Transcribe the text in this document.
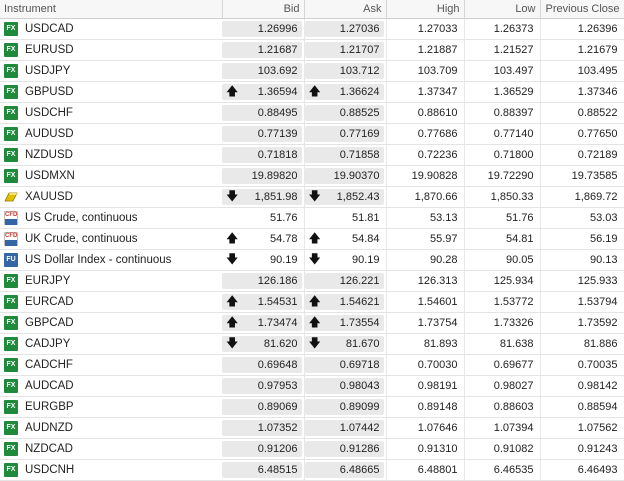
Instrument	Bid	Ask	High	Low	Previous Close
FX USDCAD	1.26996	1.27036	1.27033	1.26373	1.26396
FX EURUSD	1.21687	1.21707	1.21887	1.21527	1.21679
FX USDJPY	103.692	103.712	103.709	103.497	103.495
FX GBPUSD	🡅 1.36594	🡅 1.36624	1.37347	1.36529	1.37346
FX USDCHF	0.88495	0.88525	0.88610	0.88397	0.88522
FX AUDUSD	0.77139	0.77169	0.77686	0.77140	0.77650
FX NZDUSD	0.71818	0.71858	0.72236	0.71800	0.72189
FX USDMXN	19.89820	19.90370	19.90828	19.72290	19.73585
XAUUSD	🡇 1,851.98	🡇 1,852.43	1,870.66	1,850.33	1,869.72
CFD US Crude, continuous	51.76	51.81	53.13	51.76	53.03
CFD UK Crude, continuous	🡅 54.78	🡅 54.84	55.97	54.81	56.19
FU US Dollar Index - continuous	🡇 90.19	🡇 90.19	90.28	90.05	90.13
FX EURJPY	126.186	126.221	126.313	125.934	125.933
FX EURCAD	🡅 1.54531	🡅 1.54621	1.54601	1.53772	1.53794
FX GBPCAD	🡅 1.73474	🡅 1.73554	1.73754	1.73326	1.73592
FX CADJPY	🡇 81.620	🡇 81.670	81.893	81.638	81.886
FX CADCHF	0.69648	0.69718	0.70030	0.69677	0.70035
FX AUDCAD	0.97953	0.98043	0.98191	0.98027	0.98142
FX EURGBP	0.89069	0.89099	0.89148	0.88603	0.88594
FX AUDNZD	1.07352	1.07442	1.07646	1.07394	1.07562
FX NZDCAD	0.91206	0.91286	0.91310	0.91082	0.91243
FX USDCNH	6.48515	6.48665	6.48801	6.46535	6.46493
